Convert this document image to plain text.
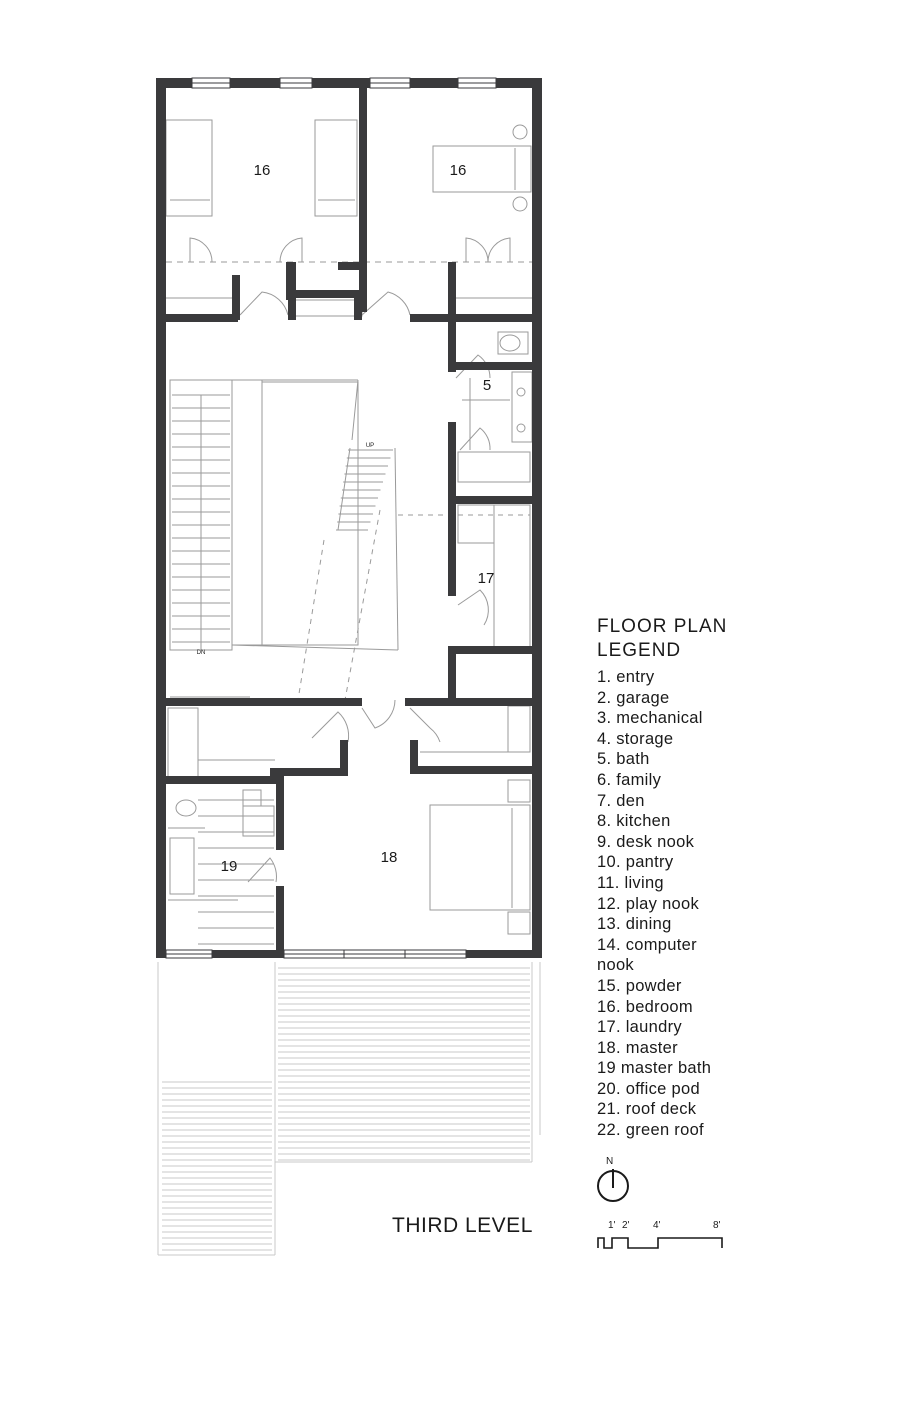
16	16
5
17
18
19
UP
DN
FLOOR PLAN
LEGEND
1. entry
2. garage
3. mechanical
4. storage
5. bath
6. family
7. den
8. kitchen
9. desk nook
10. pantry
11. living
12. play nook
13. dining
14. computer
nook
15. powder
16. bedroom
17. laundry
18. master
19 master bath
20. office pod
21. roof deck
22. green roof
THIRD LEVEL
N
1' 2' 4'	8'
